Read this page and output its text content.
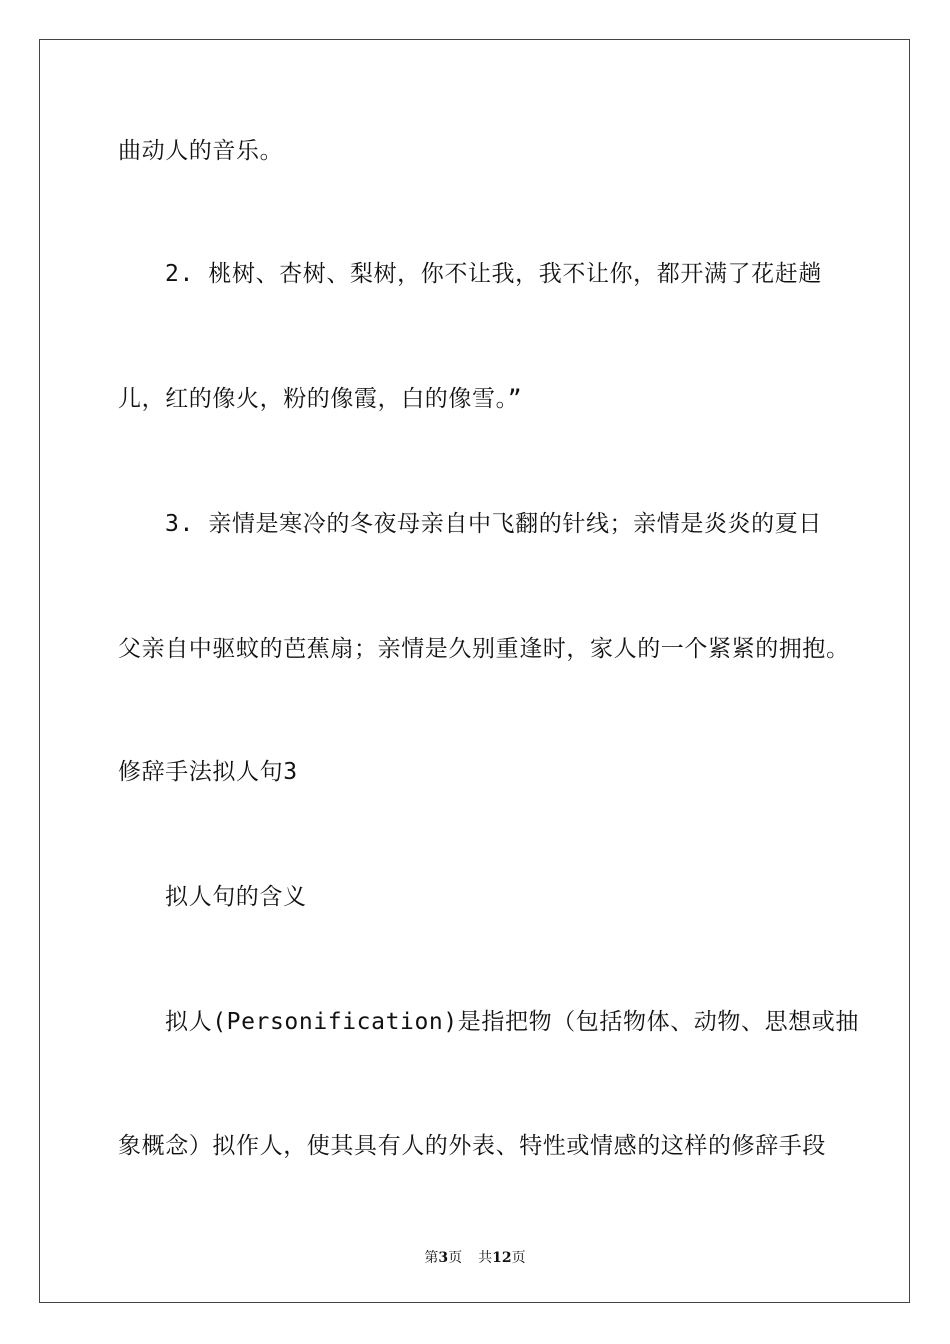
曲动人的音乐。
2. 桃树、杏树、梨树，你不让我，我不让你，都开满了花赶趟
儿，红的像火，粉的像霞，白的像雪。”
3. 亲情是寒冷的冬夜母亲自中飞翻的针线；亲情是炎炎的夏日
父亲自中驱蚊的芭蕉扇；亲情是久别重逢时，家人的一个紧紧的拥抱。
修辞手法拟人句3
拟人句的含义
拟人(Personification)是指把物（包括物体、动物、思想或抽
象概念）拟作人，使其具有人的外表、特性或情感的这样的修辞手段
第3页 共12页
